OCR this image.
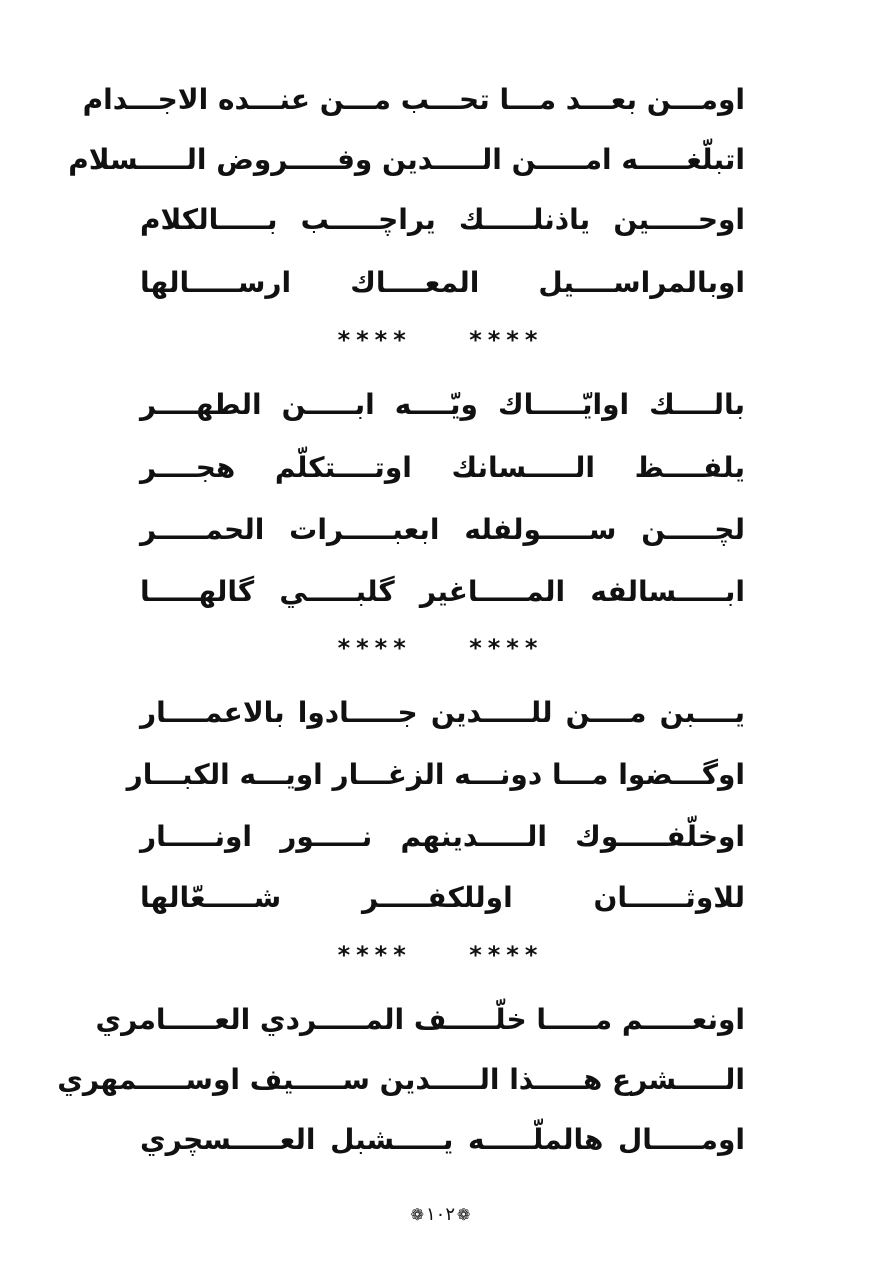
اومـــن بعـــد مـــا تحـــب مـــن عنـــده الاجـــدام
اتبلّغـــــه امـــــن الـــــدين وفـــــروض الـــــسلام
اوحـــــين ياذنلـــــك يراچـــــب بـــــالكلام
اوبالمراســــيل المعــــاك ارســـــالها
****    ****
بالــــك اوايّـــــاك ويّــــه ابـــــن الطهــــر
يلفــــظ الـــــسانك اوتــــتكلّم هجــــر
لچـــــن ســـــولفله ابعبـــــرات الحمـــــر
ابـــــسالفه المـــــاغير گلبـــــي گالهـــــا
****    ****
يــــبن مــــن للـــــدين جـــــادوا بالاعمــــار
اوگـــضوا مـــا دونـــه الزغـــار اويـــه الكبـــار
اوخلّفـــــوك الـــــدينهم نـــــور اونـــــار
للاوثــــــان اوللكفـــــر شـــــعّالها
****    ****
اونعـــــم مـــــا خلّـــــف المـــــردي العـــــامري
الـــــشرع هـــــذا الـــــدين ســـــيف اوســـــمهري
اومـــــال هالملّـــــه يـــــشبل العـــــسچري
❁ ١٠٢ ❁
